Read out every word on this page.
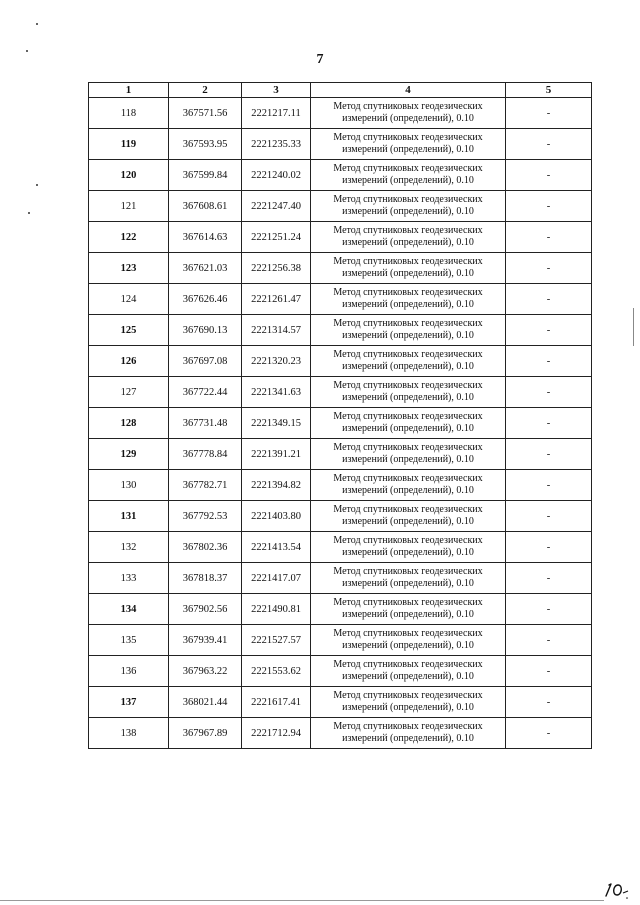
7
1	2	3	4	5
118	367571.56	2221217.11	Метод спутниковых геодезических
измерений (определений), 0.10	-
119	367593.95	2221235.33	Метод спутниковых геодезических
измерений (определений), 0.10	-
120	367599.84	2221240.02	Метод спутниковых геодезических
измерений (определений), 0.10	-
121	367608.61	2221247.40	Метод спутниковых геодезических
измерений (определений), 0.10	-
122	367614.63	2221251.24	Метод спутниковых геодезических
измерений (определений), 0.10	-
123	367621.03	2221256.38	Метод спутниковых геодезических
измерений (определений), 0.10	-
124	367626.46	2221261.47	Метод спутниковых геодезических
измерений (определений), 0.10	-
125	367690.13	2221314.57	Метод спутниковых геодезических
измерений (определений), 0.10	-
126	367697.08	2221320.23	Метод спутниковых геодезических
измерений (определений), 0.10	-
127	367722.44	2221341.63	Метод спутниковых геодезических
измерений (определений), 0.10	-
128	367731.48	2221349.15	Метод спутниковых геодезических
измерений (определений), 0.10	-
129	367778.84	2221391.21	Метод спутниковых геодезических
измерений (определений), 0.10	-
130	367782.71	2221394.82	Метод спутниковых геодезических
измерений (определений), 0.10	-
131	367792.53	2221403.80	Метод спутниковых геодезических
измерений (определений), 0.10	-
132	367802.36	2221413.54	Метод спутниковых геодезических
измерений (определений), 0.10	-
133	367818.37	2221417.07	Метод спутниковых геодезических
измерений (определений), 0.10	-
134	367902.56	2221490.81	Метод спутниковых геодезических
измерений (определений), 0.10	-
135	367939.41	2221527.57	Метод спутниковых геодезических
измерений (определений), 0.10	-
136	367963.22	2221553.62	Метод спутниковых геодезических
измерений (определений), 0.10	-
137	368021.44	2221617.41	Метод спутниковых геодезических
измерений (определений), 0.10	-
138	367967.89	2221712.94	Метод спутниковых геодезических
измерений (определений), 0.10	-
